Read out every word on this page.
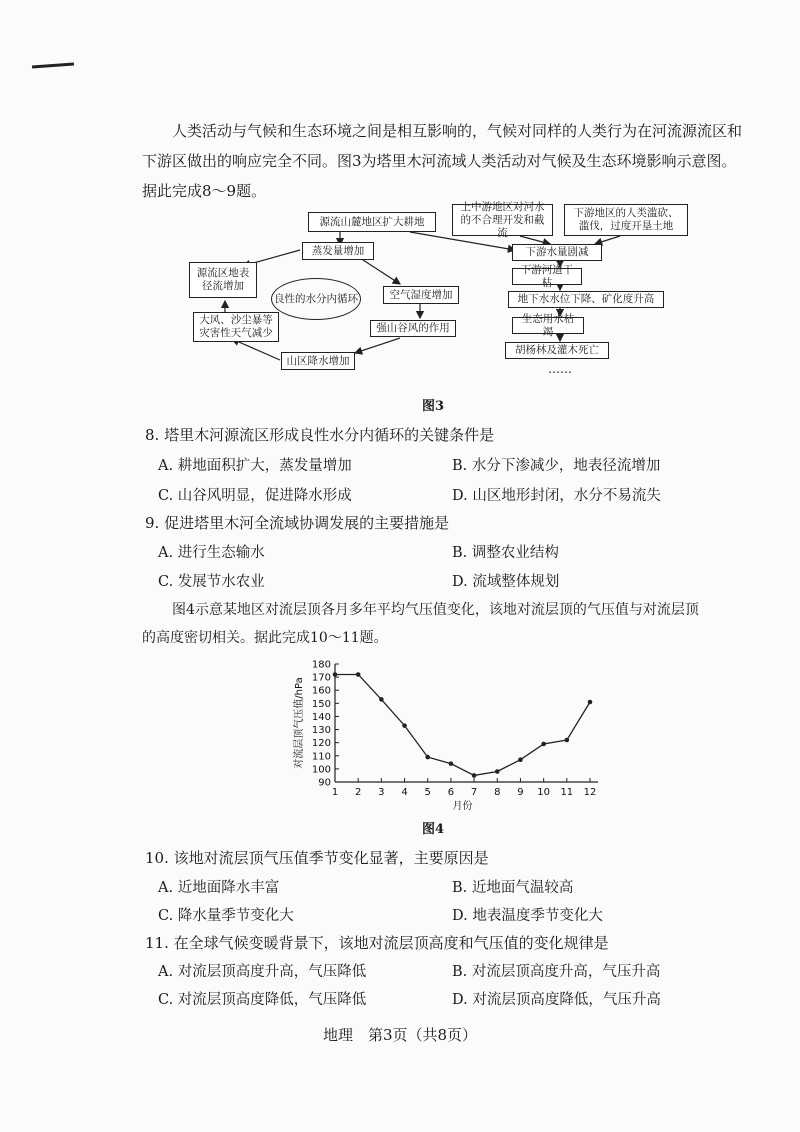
人类活动与气候和生态环境之间是相互影响的，气候对同样的人类行为在河流源流区和
下游区做出的响应完全不同。图3为塔里木河流域人类活动对气候及生态环境影响示意图。
据此完成8～9题。
源流山麓地区扩大耕地
上中游地区对河水的不合理开发和截流
下游地区的人类滥砍、滥伐，过度开垦土地
蒸发量增加	下游水量剧减
源流区地表径流增加
良性的水分内循环
下游河道干枯
空气湿度增加	地下水水位下降、矿化度升高
大风、沙尘暴等灾害性天气减少
生态用水枯竭
强山谷风的作用
胡杨林及灌木死亡
山区降水增加
……
图3
8. 塔里木河源流区形成良性水分内循环的关键条件是
A. 耕地面积扩大，蒸发量增加	B. 水分下渗减少，地表径流增加
C. 山谷风明显，促进降水形成	D. 山区地形封闭，水分不易流失
9. 促进塔里木河全流域协调发展的主要措施是
A. 进行生态输水	B. 调整农业结构
C. 发展节水农业	D. 流域整体规划
图4示意某地区对流层顶各月多年平均气压值变化，该地对流层顶的气压值与对流层顶
的高度密切相关。据此完成10～11题。
90
100
110
120
130
140
150
160
170
180
1 2 3 4 5 6 7 8 9 10 11 12
月份
对流层顶气压值/hPa
图4
10. 该地对流层顶气压值季节变化显著，主要原因是
A. 近地面降水丰富	B. 近地面气温较高
C. 降水量季节变化大	D. 地表温度季节变化大
11. 在全球气候变暖背景下，该地对流层顶高度和气压值的变化规律是
A. 对流层顶高度升高，气压降低	B. 对流层顶高度升高，气压升高
C. 对流层顶高度降低，气压降低	D. 对流层顶高度降低，气压升高
地理　第3页（共8页）
